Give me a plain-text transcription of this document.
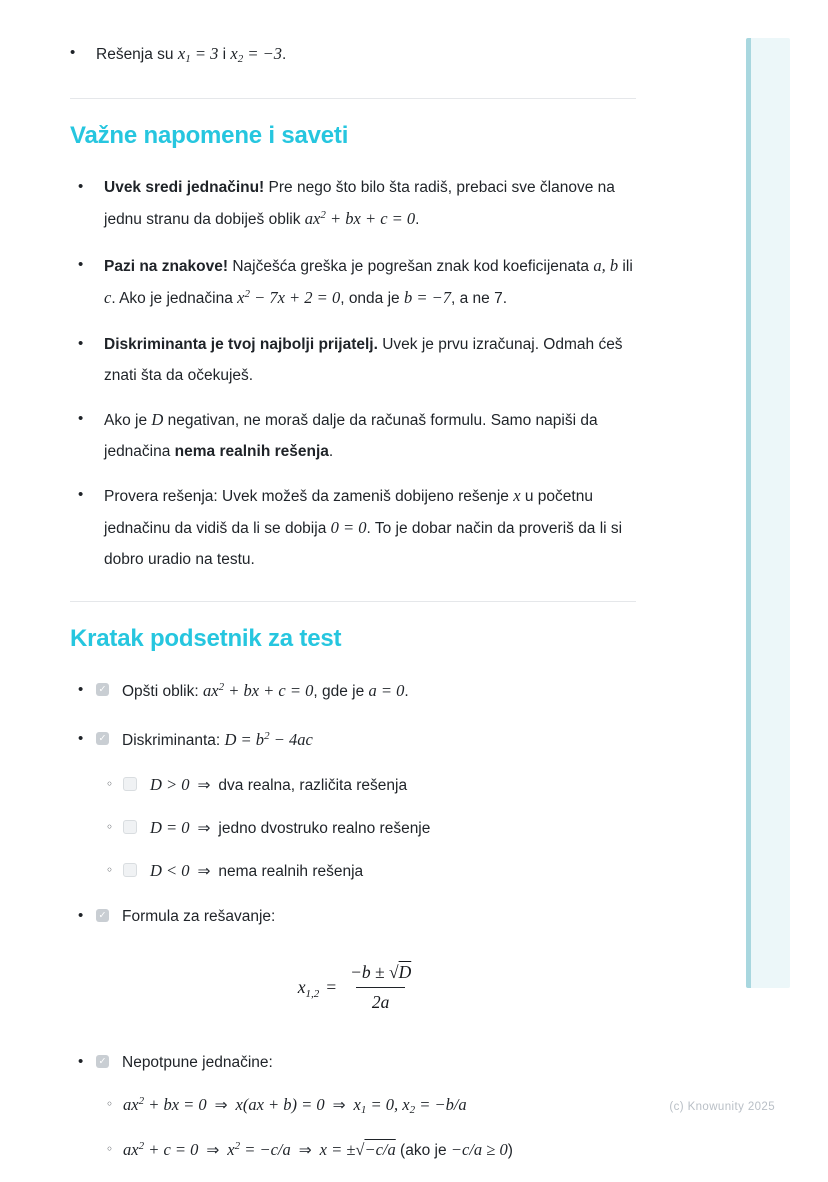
•	Rešenja su x1 = 3 i x2 = −3.

Važne napomene i saveti
•	Uvek sredi jednačinu! Pre nego što bilo šta radiš, prebaci sve članove na jednu stranu da dobiješ oblik $ax^2$ + bx + c = 0.

•	Pazi na znakove! Najčešća greška je pogrešan znak kod koeficijenata a, b ili c. Ako je jednačina $x^2 - 7x + 2 = 0$, onda je b = −7, a ne 7.

•	Diskriminanta je tvoj najbolji prijatelj. Uvek je prvu izračunaj. Odmah ćeš znati šta da očekuješ.

•	Ako je D negativan, ne moraš dalje da računaš formulu. Samo napiši da jednačina nema realnih rešenja.

•	Provera rešenja: Uvek možeš da zameniš dobijeno rešenje x u početnu jednačinu da vidiš da li se dobija 0 = 0. To je dobar način da proveriš da li si dobro uradio na testu.

Kratak podsetnik za test
•	✓ Opšti oblik: $ax^2$ + bx + c = 0, gde je a = 0.

•	✓ Diskriminanta: $D = b^2 - 4ac$

◦	D > 0 ⇒ dva realna, različita rešenja

◦	D = 0 ⇒ jedno dvostruko realno rešenje

◦	D < 0 ⇒ nema realnih rešenja

•	✓ Formula za rešavanje:

x $1,2 = \frac{-b \pm √D}{2a}$
•	✓ Nepotpune jednačine:

◦ $ax^2$ + bx = 0 ⇒ x(ax + b) = 0 ⇒ x1 = 0, x2 = −b/a

◦ $ax^2 + c = 0$ ⇒ $x^2 = -c/a$ ⇒ x = ±√−c/a (ako je −c/a ≥ 0)

(c) Knowunity 2025
